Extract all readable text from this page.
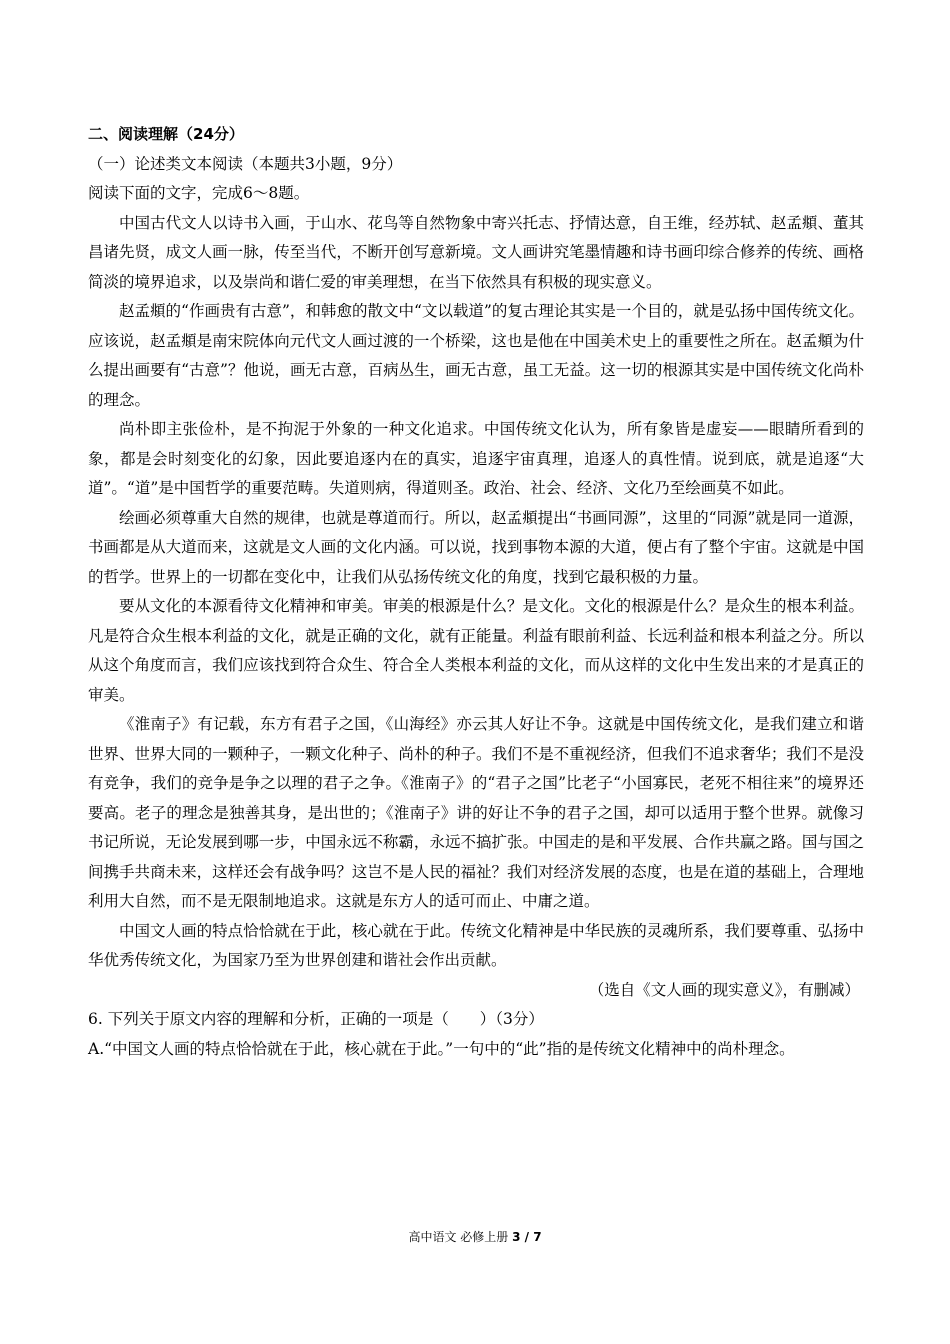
二、阅读理解（24分）

（一）论述类文本阅读（本题共3小题，9分）

阅读下面的文字，完成6～8题。

中国古代文人以诗书入画，于山水、花鸟等自然物象中寄兴托志、抒情达意，自王维，经苏轼、赵孟頫、董其昌诸先贤，成文人画一脉，传至当代，不断开创写意新境。文人画讲究笔墨情趣和诗书画印综合修养的传统、画格简淡的境界追求，以及崇尚和谐仁爱的审美理想，在当下依然具有积极的现实意义。

赵孟頫的“作画贵有古意”，和韩愈的散文中“文以载道”的复古理论其实是一个目的，就是弘扬中国传统文化。应该说，赵孟頫是南宋院体向元代文人画过渡的一个桥梁，这也是他在中国美术史上的重要性之所在。赵孟頫为什么提出画要有“古意”？他说，画无古意，百病丛生，画无古意，虽工无益。这一切的根源其实是中国传统文化尚朴的理念。

尚朴即主张俭朴，是不拘泥于外象的一种文化追求。中国传统文化认为，所有象皆是虚妄——眼睛所看到的象，都是会时刻变化的幻象，因此要追逐内在的真实，追逐宇宙真理，追逐人的真性情。说到底，就是追逐“大道”。“道”是中国哲学的重要范畴。失道则病，得道则圣。政治、社会、经济、文化乃至绘画莫不如此。

绘画必须尊重大自然的规律，也就是尊道而行。所以，赵孟頫提出“书画同源”，这里的“同源”就是同一道源，书画都是从大道而来，这就是文人画的文化内涵。可以说，找到事物本源的大道，便占有了整个宇宙。这就是中国的哲学。世界上的一切都在变化中，让我们从弘扬传统文化的角度，找到它最积极的力量。

要从文化的本源看待文化精神和审美。审美的根源是什么？是文化。文化的根源是什么？是众生的根本利益。凡是符合众生根本利益的文化，就是正确的文化，就有正能量。利益有眼前利益、长远利益和根本利益之分。所以从这个角度而言，我们应该找到符合众生、符合全人类根本利益的文化，而从这样的文化中生发出来的才是真正的审美。

《淮南子》有记载，东方有君子之国，《山海经》亦云其人好让不争。这就是中国传统文化，是我们建立和谐世界、世界大同的一颗种子，一颗文化种子、尚朴的种子。我们不是不重视经济，但我们不追求奢华；我们不是没有竞争，我们的竞争是争之以理的君子之争。《淮南子》的“君子之国”比老子“小国寡民，老死不相往来”的境界还要高。老子的理念是独善其身，是出世的；《淮南子》讲的好让不争的君子之国，却可以适用于整个世界。就像习书记所说，无论发展到哪一步，中国永远不称霸，永远不搞扩张。中国走的是和平发展、合作共赢之路。国与国之间携手共商未来，这样还会有战争吗？这岂不是人民的福祉？我们对经济发展的态度，也是在道的基础上，合理地利用大自然，而不是无限制地追求。这就是东方人的适可而止、中庸之道。

中国文人画的特点恰恰就在于此，核心就在于此。传统文化精神是中华民族的灵魂所系，我们要尊重、弘扬中华优秀传统文化，为国家乃至为世界创建和谐社会作出贡献。

（选自《文人画的现实意义》，有删减）

6. 下列关于原文内容的理解和分析，正确的一项是（　　）（3分）

A.“中国文人画的特点恰恰就在于此，核心就在于此。”一句中的“此”指的是传统文化精神中的尚朴理念。

高中语文 必修上册 3 / 7
